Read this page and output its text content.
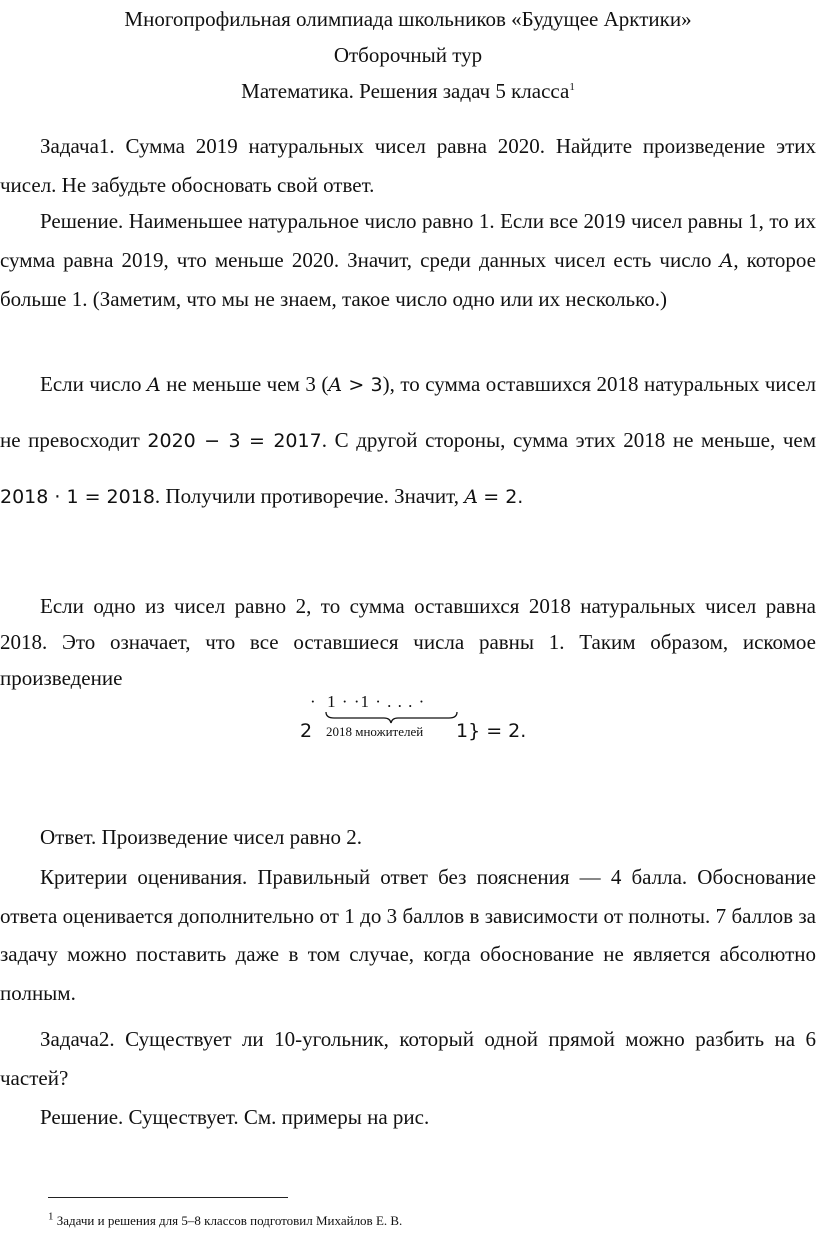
Многопрофильная олимпиада школьников «Будущее Арктики»
Отборочный тур
Математика. Решения задач 5 класса$^1$

Задача1. Сумма 2019 натуральных чисел равна 2020. Найдите произведение этих чисел. Не забудьте обосновать свой ответ.

Решение. Наименьшее натуральное число равно 1. Если все 2019 чисел равны 1, то их сумма равна 2019, что меньше 2020. Значит, среди данных чисел есть число A, которое больше 1. (Заметим, что мы не знаем, такое число одно или их несколько.)

Если число A не меньше чем 3 (A > 3), то сумма оставшихся 2018 натуральных чисел не превосходит 2020 − 3 = 2017. С другой стороны, сумма этих 2018 не меньше, чем 2018 ⋅ 1 = 2018. Получили противоречие. Значит, A = 2.

Если одно из чисел равно 2, то сумма оставшихся 2018 натуральных чисел равна 2018. Это означает, что все оставшиеся числа равны 1. Таким образом, искомое произведение

·  1 · ·1 · . . . ·
2 2018 множителей 1} = 2.

Ответ. Произведение чисел равно 2.

Критерии оценивания. Правильный ответ без пояснения — 4 балла. Обоснование ответа оценивается дополнительно от 1 до 3 баллов в зависимости от полноты. 7 баллов за задачу можно поставить даже в том случае, когда обоснование не является абсолютно полным.

Задача2. Существует ли 10-угольник, который одной прямой можно разбить на 6 частей?

Решение. Существует. См. примеры на рис.

$^1$ Задачи и решения для 5–8 классов подготовил Михайлов Е. В.
